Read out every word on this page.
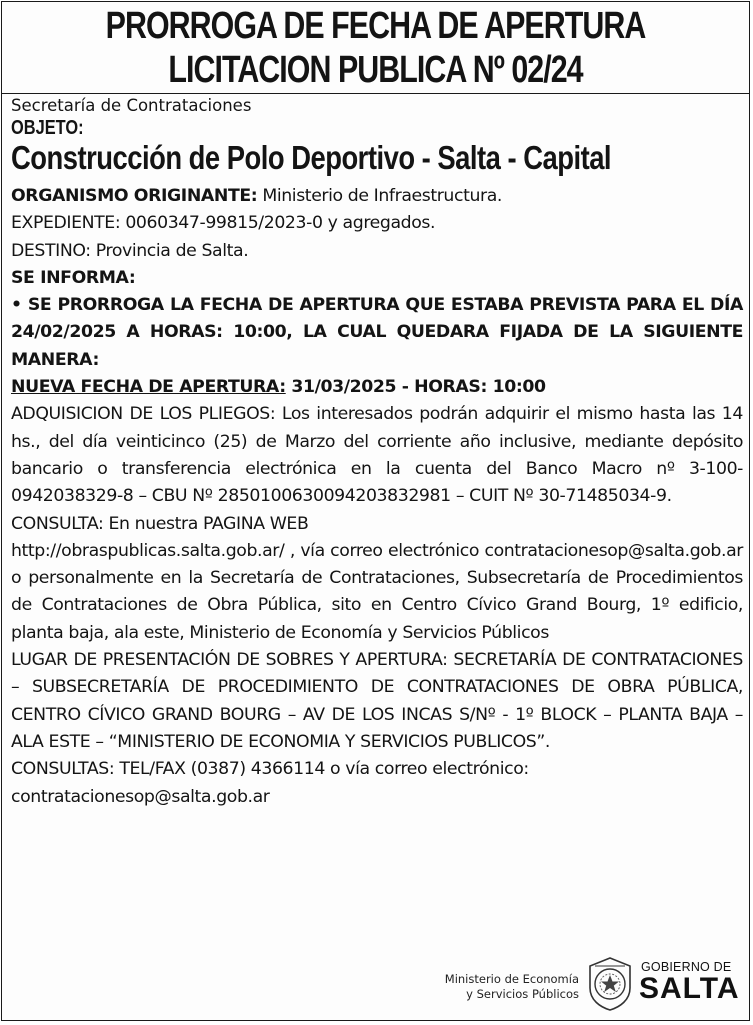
PRORROGA DE FECHA DE APERTURA
LICITACION PUBLICA Nº 02/24
Secretaría de Contrataciones
OBJETO:
Construcción de Polo Deportivo - Salta - Capital

ORGANISMO ORIGINANTE: Ministerio de Infraestructura.

EXPEDIENTE: 0060347-99815/2023-0 y agregados.

DESTINO: Provincia de Salta.

SE INFORMA:

• SE PRORROGA LA FECHA DE APERTURA QUE ESTABA PREVISTA PARA EL DÍA 24/02/2025 A HORAS: 10:00, LA CUAL QUEDARA FIJADA DE LA SIGUIENTE MANERA:

NUEVA FECHA DE APERTURA: 31/03/2025 - HORAS: 10:00

ADQUISICION DE LOS PLIEGOS: Los interesados podrán adquirir el mismo hasta las 14 hs., del día veinticinco (25) de Marzo del corriente año inclusive, mediante depósito bancario o transferencia electrónica en la cuenta del Banco Macro nº 3-100-0942038329-8 – CBU Nº 2850100630094203832981 – CUIT Nº 30-71485034-9.

CONSULTA: En nuestra PAGINA WEB

http://obraspublicas.salta.gob.ar/ , vía correo electrónico contratacionesop@salta.gob.ar o personalmente en la Secretaría de Contrataciones, Subsecretaría de Procedimientos de Contrataciones de Obra Pública, sito en Centro Cívico Grand Bourg, 1º edificio, planta baja, ala este, Ministerio de Economía y Servicios Públicos

LUGAR DE PRESENTACIÓN DE SOBRES Y APERTURA: SECRETARÍA DE CONTRATACIONES – SUBSECRETARÍA DE PROCEDIMIENTO DE CONTRATACIONES DE OBRA PÚBLICA, CENTRO CÍVICO GRAND BOURG – AV DE LOS INCAS S/Nº - 1º BLOCK – PLANTA BAJA – ALA ESTE – “MINISTERIO DE ECONOMIA Y SERVICIOS PUBLICOS”.

CONSULTAS: TEL/FAX (0387) 4366114 o vía correo electrónico:

contratacionesop@salta.gob.ar

Ministerio de Economía
y Servicios Públicos
GOBIERNO DE
SALTA
